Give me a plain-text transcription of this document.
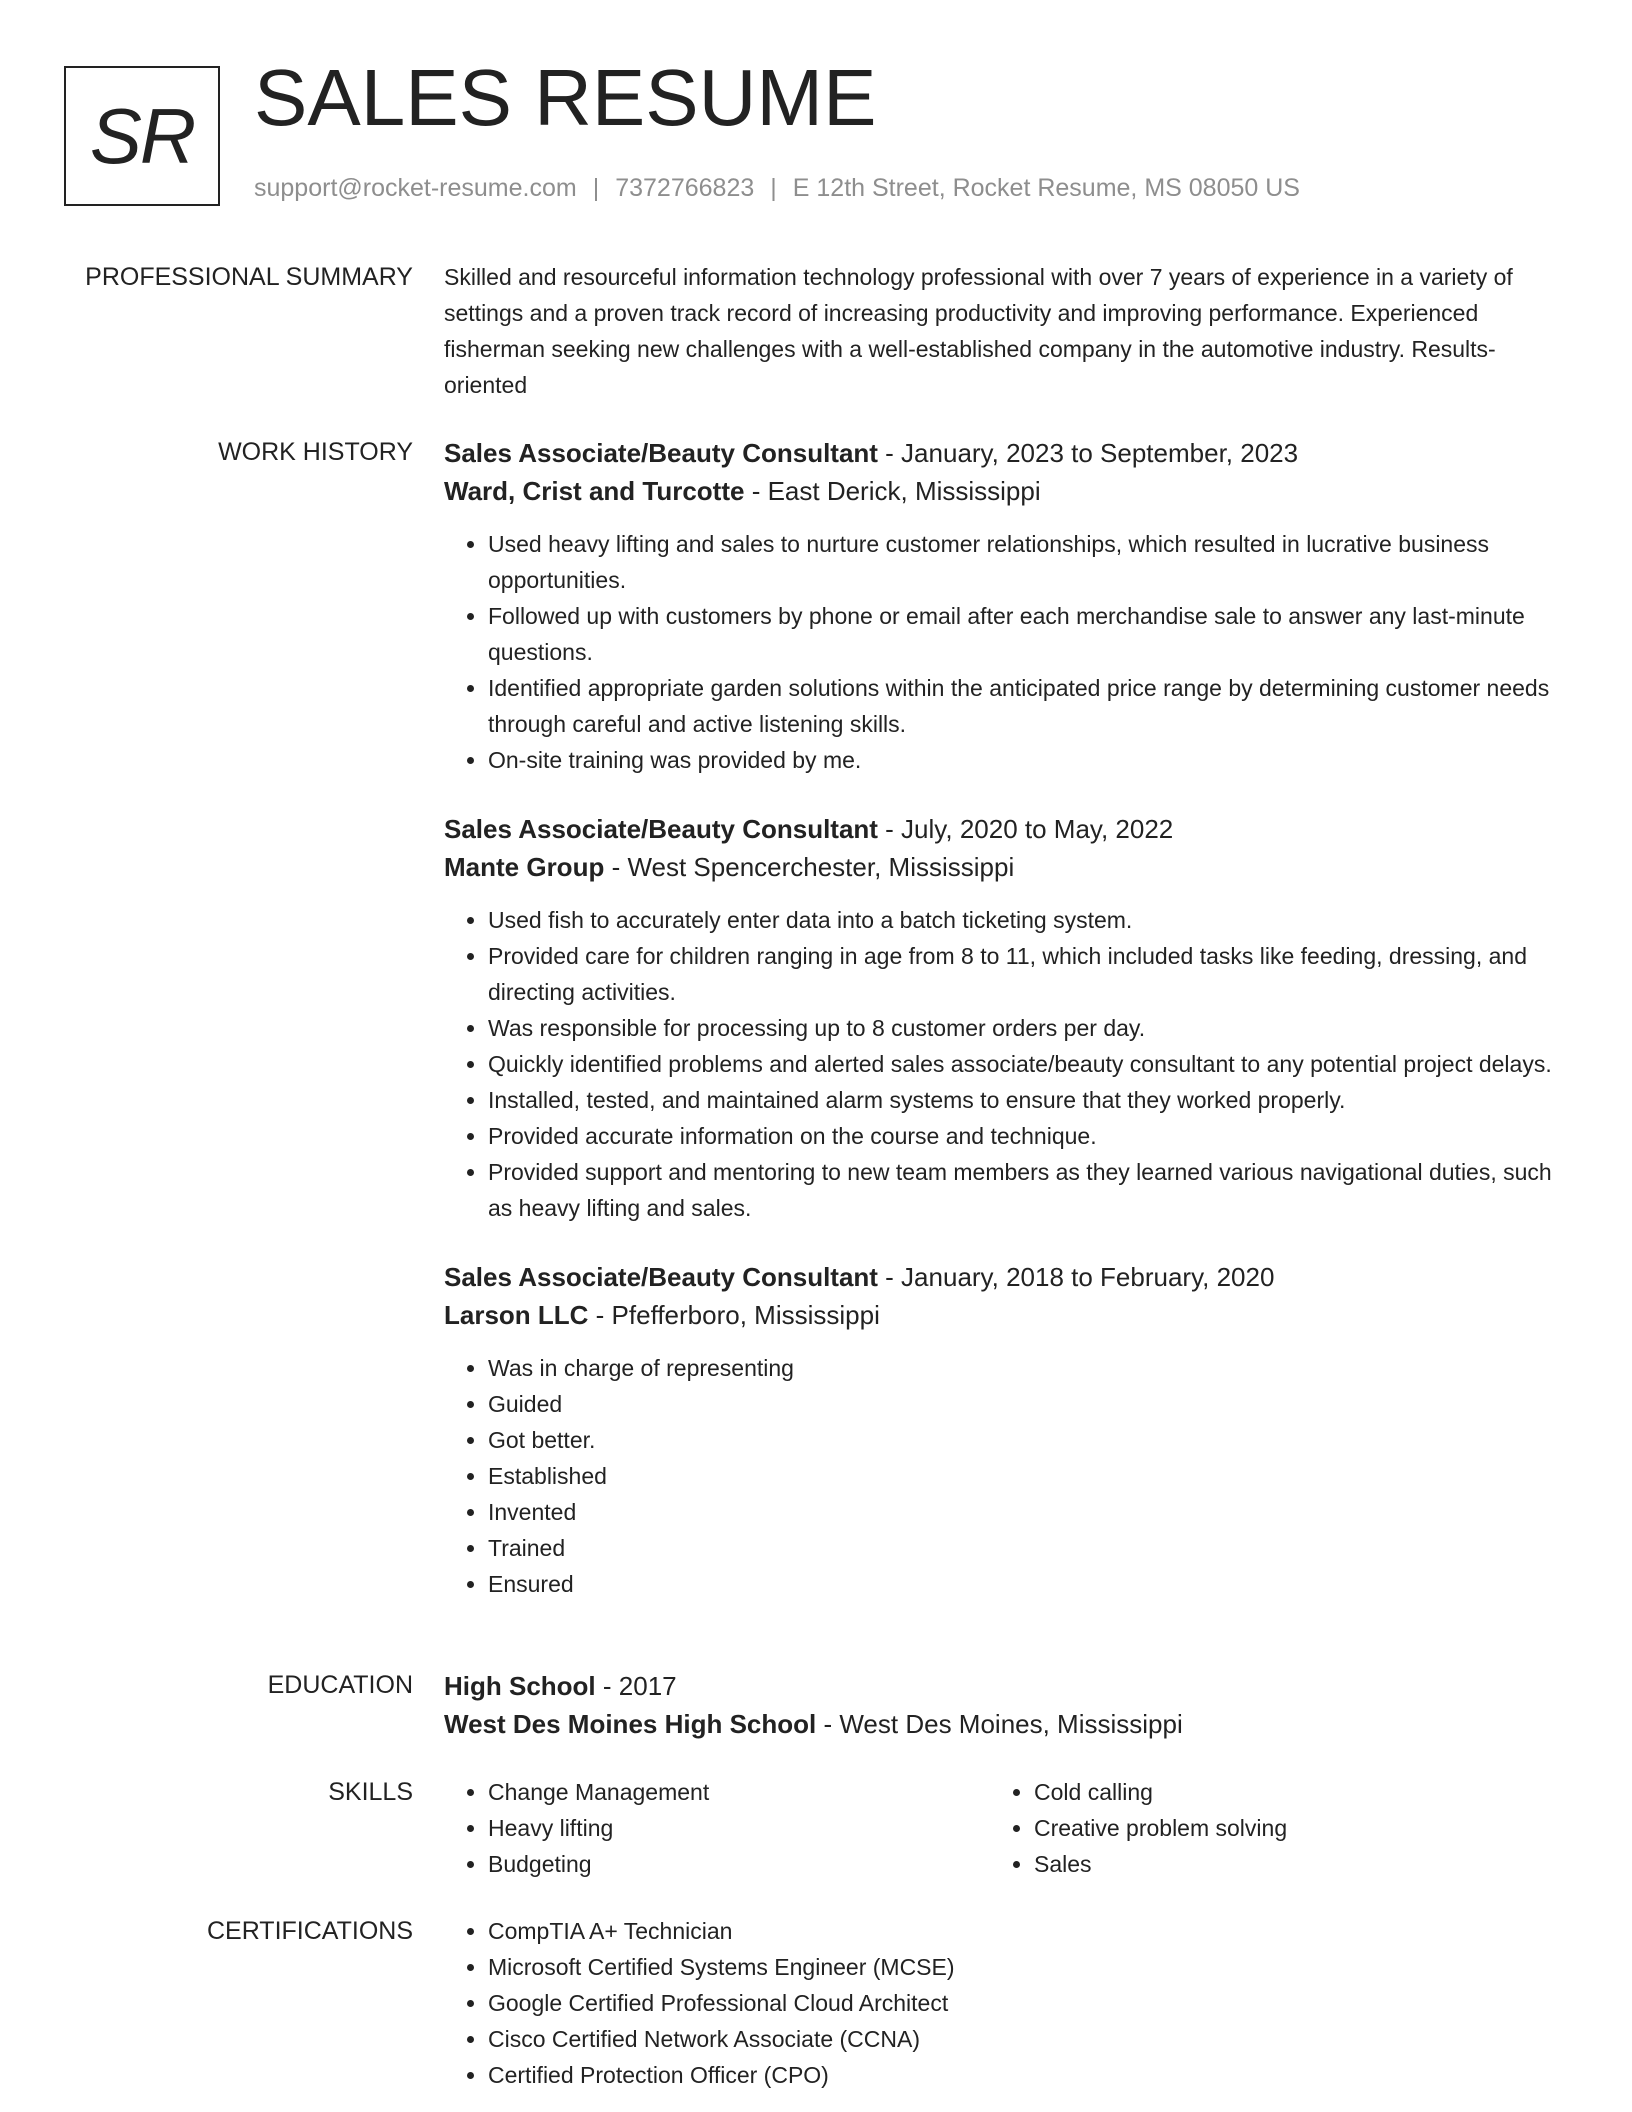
SR SALES RESUME
support@rocket-resume.com | 7372766823 | E 12th Street, Rocket Resume, MS 08050 US
PROFESSIONAL SUMMARY Skilled and resourceful information technology professional with over 7 years of experience in a variety of settings and a proven track record of increasing productivity and improving performance. Experienced fisherman seeking new challenges with a well-established company in the automotive industry. Results-oriented

WORK HISTORY Sales Associate/Beauty Consultant - January, 2023 to September, 2023
Ward, Crist and Turcotte - East Derick, Mississippi
• Used heavy lifting and sales to nurture customer relationships, which resulted in lucrative business opportunities.
• Followed up with customers by phone or email after each merchandise sale to answer any last-minute questions.
• Identified appropriate garden solutions within the anticipated price range by determining customer needs through careful and active listening skills.
• On-site training was provided by me.
Sales Associate/Beauty Consultant - July, 2020 to May, 2022
Mante Group - West Spencerchester, Mississippi
• Used fish to accurately enter data into a batch ticketing system.
• Provided care for children ranging in age from 8 to 11, which included tasks like feeding, dressing, and directing activities.
• Was responsible for processing up to 8 customer orders per day.
• Quickly identified problems and alerted sales associate/beauty consultant to any potential project delays.
• Installed, tested, and maintained alarm systems to ensure that they worked properly.
• Provided accurate information on the course and technique.
• Provided support and mentoring to new team members as they learned various navigational duties, such as heavy lifting and sales.
Sales Associate/Beauty Consultant - January, 2018 to February, 2020
Larson LLC - Pfefferboro, Mississippi
• Was in charge of representing
• Guided
• Got better.
• Established
• Invented
• Trained
• Ensured
EDUCATION High School - 2017
West Des Moines High School - West Des Moines, Mississippi
SKILLS	• Change Management
• Heavy lifting
• Budgeting
• Cold calling
• Creative problem solving
• Sales
CERTIFICATIONS	• CompTIA A+ Technician
• Microsoft Certified Systems Engineer (MCSE)
• Google Certified Professional Cloud Architect
• Cisco Certified Network Associate (CCNA)
• Certified Protection Officer (CPO)
